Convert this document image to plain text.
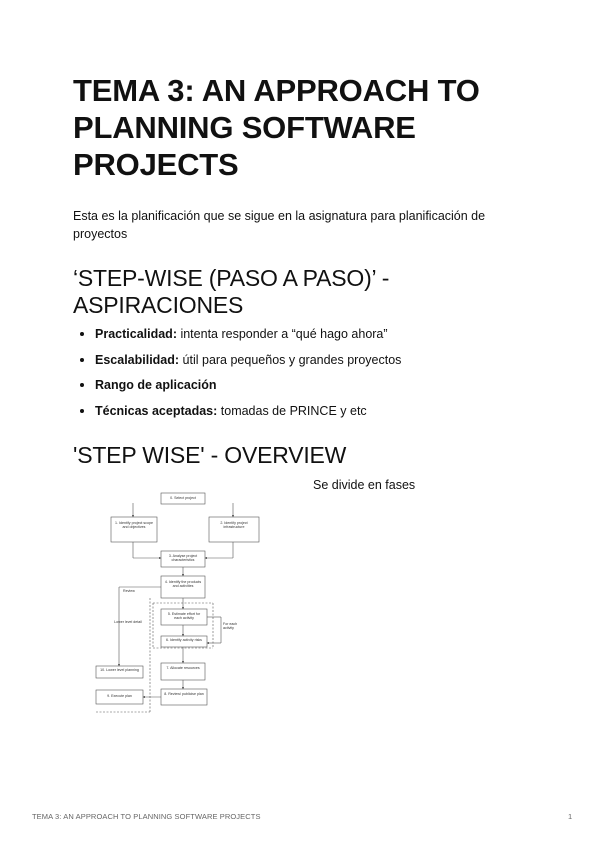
TEMA 3: AN APPROACH TO PLANNING SOFTWARE PROJECTS

Esta es la planificación que se sigue en la asignatura para planificación de proyectos

‘STEP-WISE (PASO A PASO)’ - ASPIRACIONES
Practicalidad: intenta responder a “qué hago ahora”
Escalabilidad: útil para pequeños y grandes proyectos
Rango de aplicación
Técnicas aceptadas: tomadas de PRINCE y etc
'STEP WISE' - OVERVIEW
Se divide en fases
0. Select project
1. Identify project scope and objectives
2. Identify project infrastructure
3. Analyse project characteristics
4. Identify the products and activities
5. Estimate effort for each activity
6. Identify activity risks
7. Allocate resources
8. Review/ publicise plan
9. Execute plan
10. Lower level planning
Review
Lower level detail	For each activity
TEMA 3: AN APPROACH TO PLANNING SOFTWARE PROJECTS	1
